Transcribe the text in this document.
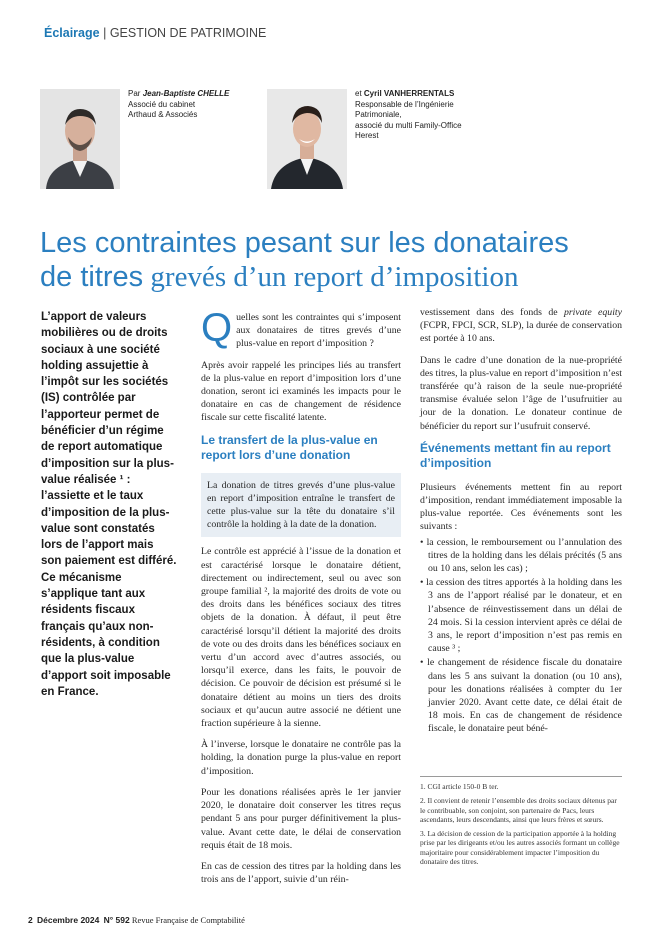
Éclairage | GESTION DE PATRIMOINE
Par Jean-Baptiste CHELLE
Associé du cabinet
Arthaud & Associés
et Cyril VANHERRENTALS
Responsable de l’Ingénierie
Patrimoniale,
associé du multi Family-Office
Herest
Les contraintes pesant sur les donataires
de titres grevés d’un report d’imposition

L’apport de valeurs mobilières ou de droits sociaux à une société holding assujettie à l’impôt sur les sociétés (IS) contrôlée par l’apporteur permet de bénéficier d’un régime de report automatique d’imposition sur la plus-value réalisée ¹ : l’assiette et le taux d’imposition de la plus-value sont constatés lors de l’apport mais son paiement est différé.

Ce mécanisme s’applique tant aux résidents fiscaux français qu’aux non-résidents, à condition que la plus-value d’apport soit imposable en France.

Quelles sont les contraintes qui s’imposent aux donataires de titres grevés d’une plus-value en report d’imposition ?

Après avoir rappelé les principes liés au transfert de la plus-value en report d’imposition lors d’une donation, seront ici examinés les impacts pour le donataire en cas de changement de résidence fiscale sur cette fiscalité latente.

Le transfert de la plus-value en report lors d’une donation

La donation de titres grevés d’une plus-value en report d’imposition entraîne le transfert de cette plus-value sur la tête du donataire s’il contrôle la holding à la date de la donation.

Le contrôle est apprécié à l’issue de la donation et est caractérisé lorsque le donataire détient, directement ou indirectement, seul ou avec son groupe familial ², la majorité des droits de vote ou des droits dans les bénéfices sociaux des titres objets de la donation. À défaut, il peut être caractérisé lorsqu’il détient la majorité des droits de vote ou des droits dans les bénéfices sociaux en vertu d’un accord avec d’autres associés, ou lorsqu’il exerce, dans les faits, le pouvoir de décision. Ce pouvoir de décision est présumé si le donataire détient au moins un tiers des droits sociaux et qu’aucun autre associé ne détient une fraction supérieure à la sienne.

À l’inverse, lorsque le donataire ne contrôle pas la holding, la donation purge la plus-value en report d’imposition.

Pour les donations réalisées après le 1er janvier 2020, le donataire doit conserver les titres reçus pendant 5 ans pour purger définitivement la plus-value. Avant cette date, le délai de conservation requis était de 18 mois.

En cas de cession des titres par la holding dans les trois ans de l’apport, suivie d’un réin-

vestissement dans des fonds de private equity (FCPR, FPCI, SCR, SLP), la durée de conservation est portée à 10 ans.

Dans le cadre d’une donation de la nue-propriété des titres, la plus-value en report d’imposition n’est transférée qu’à raison de la seule nue-propriété transmise évaluée selon l’âge de l’usufruitier au jour de la donation. Le donateur continue de bénéficier du report sur l’usufruit conservé.

Événements mettant fin au report d’imposition

Plusieurs événements mettent fin au report d’imposition, rendant immédiatement imposable la plus-value reportée. Ces événements sont les suivants :

• la cession, le remboursement ou l’annulation des titres de la holding dans les délais précités (5 ans ou 10 ans, selon les cas) ;
• la cession des titres apportés à la holding dans les 3 ans de l’apport réalisé par le donateur, et en l’absence de réinvestissement dans un délai de 24 mois. Si la cession intervient après ce délai de 3 ans, le report d’imposition n’est pas remis en cause ³ ;
• le changement de résidence fiscale du donataire dans les 5 ans suivant la donation (ou 10 ans), pour les donations réalisées à compter du 1er janvier 2020. Avant cette date, ce délai était de 18 mois. En cas de changement de résidence fiscale, le donataire peut béné-

1. CGI article 150-0 B ter.

2. Il convient de retenir l’ensemble des droits sociaux détenus par le contribuable, son conjoint, son partenaire de Pacs, leurs ascendants, leurs descendants, ainsi que leurs frères et sœurs.

3. La décision de cession de la participation apportée à la holding prise par les dirigeants et/ou les autres associés formant un collège majoritaire pour considérablement impacter l’imposition du donataire des titres.

2 Décembre 2024 N° 592 Revue Française de Comptabilité
